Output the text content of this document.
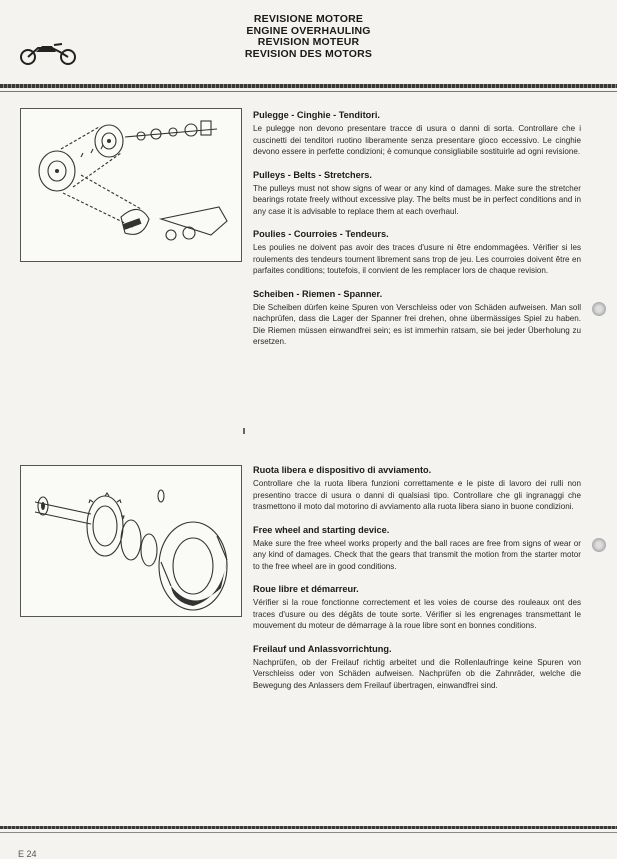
REVISIONE MOTORE
ENGINE OVERHAULING
REVISION MOTEUR
REVISION DES MOTORS
Pulegge - Cinghie - Tenditori.

Le pulegge non devono presentare tracce di usura o danni di sorta. Controllare che i cuscinetti dei tenditori ruotino liberamente senza presentare gioco eccessivo. Le cinghie devono essere in perfette condizioni; è comunque consigliabile sostituirle ad ogni revisione.

Pulleys - Belts - Stretchers.

The pulleys must not show signs of wear or any kind of damages. Make sure the stretcher bearings rotate freely without excessive play. The belts must be in perfect conditions and in any case it is advisable to replace them at each overhaul.

Poulies - Courroies - Tendeurs.

Les poulies ne doivent pas avoir des traces d'usure ni être endommagées. Vérifier si les roulements des tendeurs tournent librement sans trop de jeu. Les courroies doivent être en parfaites conditions; toutefois, il convient de les remplacer lors de chaque revision.

Scheiben - Riemen - Spanner.

Die Scheiben dürfen keine Spuren von Verschleiss oder von Schäden aufweisen. Man soll nachprüfen, dass die Lager der Spanner frei drehen, ohne übermässiges Spiel zu haben. Die Riemen müssen einwandfrei sein; es ist immerhin ratsam, sie bei jeder Überholung zu ersetzen.

Ruota libera e dispositivo di avviamento.

Controllare che la ruota libera funzioni correttamente e le piste di lavoro dei rulli non presentino tracce di usura o danni di qualsiasi tipo. Controllare che gli ingranaggi che trasmettono il moto dal motorino di avviamento alla ruota libera siano in buone condizioni.

Free wheel and starting device.

Make sure the free wheel works properly and the ball races are free from signs of wear or any kind of damages. Check that the gears that transmit the motion from the starter motor to the free wheel are in good conditions.

Roue libre et démarreur.

Vérifier si la roue fonctionne correctement et les voies de course des rouleaux ont des traces d'usure ou des dégâts de toute sorte. Vérifier si les engrenages transmettant le mouvement du moteur de démarrage à la roue libre sont en bonnes conditions.

Freilauf und Anlassvorrichtung.

Nachprüfen, ob der Freilauf richtig arbeitet und die Rollenlaufringe keine Spuren von Verschleiss oder von Schäden aufweisen. Nachprüfen ob die Zahnräder, welche die Bewegung des Anlassers dem Freilauf übertragen, einwandfrei sind.

E 24
